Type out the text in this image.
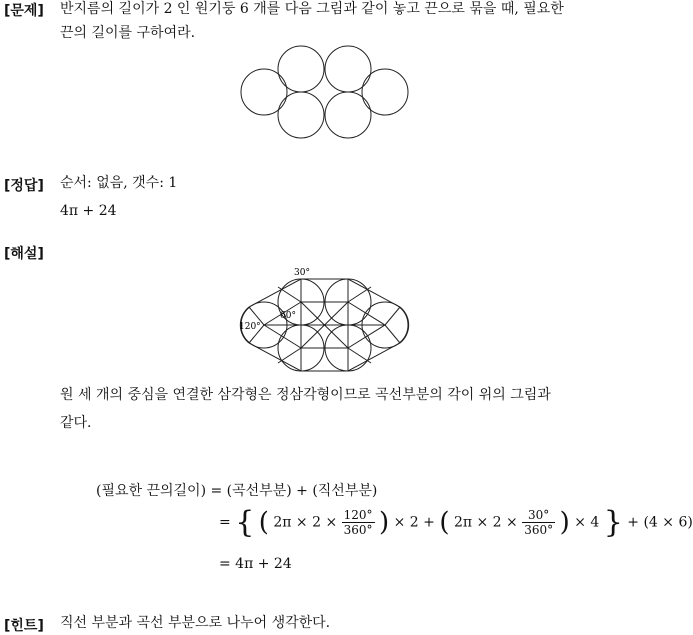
[문제] 반지름의 길이가 2 인 원기둥 6 개를 다음 그림과 같이 놓고 끈으로 묶을 때, 필요한
끈의 길이를 구하여라.
[정답] 순서: 없음, 갯수: 1
4π + 24
[해설]
30°
60°
120°
원 세 개의 중심을 연결한 삼각형은 정삼각형이므로 곡선부분의 각이 위의 그림과
같다.
(필요한 끈의길이) = (곡선부분) + (직선부분)
= { ( $2\pi \times 2 \times \frac{120^\circ}{360^\circ}$ ) × 2 + ( $2\pi \times 2 \times \frac{30^\circ}{360^\circ}$ ) × 4 } + (4 × 6)
= 4π + 24
[힌트] 직선 부분과 곡선 부분으로 나누어 생각한다.
